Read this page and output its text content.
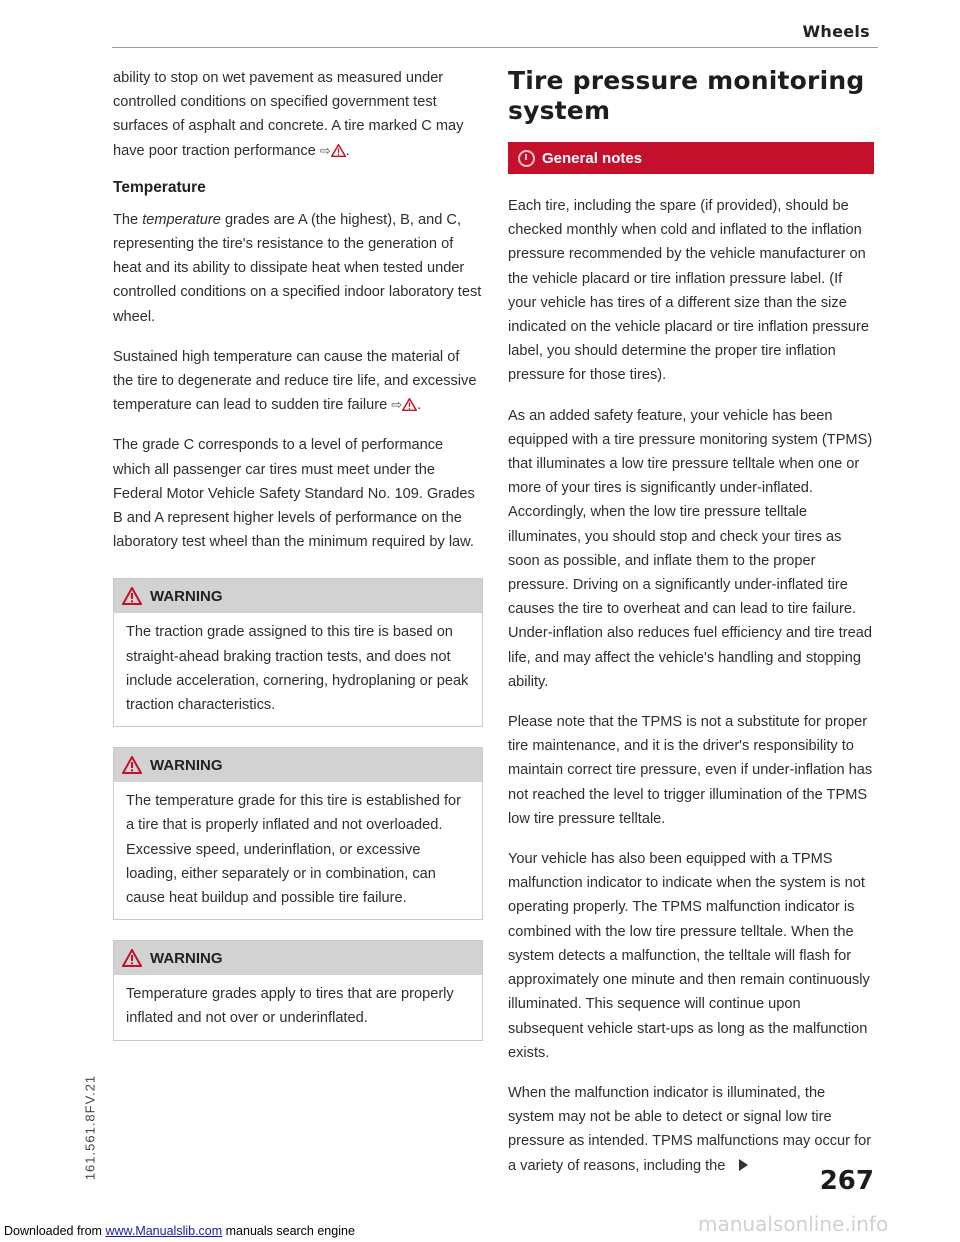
Wheels

ability to stop on wet pavement as measured under controlled conditions on specified government test surfaces of asphalt and concrete. A tire marked C may have poor traction performance ⇨ .

Temperature

The temperature grades are A (the highest), B, and C, representing the tire's resistance to the generation of heat and its ability to dissipate heat when tested under controlled conditions on a specified indoor laboratory test wheel.

Sustained high temperature can cause the material of the tire to degenerate and reduce tire life, and excessive temperature can lead to sudden tire failure ⇨ .

The grade C corresponds to a level of performance which all passenger car tires must meet under the Federal Motor Vehicle Safety Standard No. 109. Grades B and A represent higher levels of performance on the laboratory test wheel than the minimum required by law.

WARNING

The traction grade assigned to this tire is based on straight-ahead braking traction tests, and does not include acceleration, cornering, hydroplaning or peak traction characteristics.

WARNING

The temperature grade for this tire is established for a tire that is properly inflated and not overloaded. Excessive speed, underinflation, or excessive loading, either separately or in combination, can cause heat buildup and possible tire failure.

WARNING

Temperature grades apply to tires that are properly inflated and not over or underinflated.

Tire pressure monitoring system
General notes

Each tire, including the spare (if provided), should be checked monthly when cold and inflated to the inflation pressure recommended by the vehicle manufacturer on the vehicle placard or tire inflation pressure label. (If your vehicle has tires of a different size than the size indicated on the vehicle placard or tire inflation pressure label, you should determine the proper tire inflation pressure for those tires).

As an added safety feature, your vehicle has been equipped with a tire pressure monitoring system (TPMS) that illuminates a low tire pressure telltale when one or more of your tires is significantly under-inflated. Accordingly, when the low tire pressure telltale illuminates, you should stop and check your tires as soon as possible, and inflate them to the proper pressure. Driving on a significantly under-inflated tire causes the tire to overheat and can lead to tire failure. Under-inflation also reduces fuel efficiency and tire tread life, and may affect the vehicle's handling and stopping ability.

Please note that the TPMS is not a substitute for proper tire maintenance, and it is the driver's responsibility to maintain correct tire pressure, even if under-inflation has not reached the level to trigger illumination of the TPMS low tire pressure telltale.

Your vehicle has also been equipped with a TPMS malfunction indicator to indicate when the system is not operating properly. The TPMS malfunction indicator is combined with the low tire pressure telltale. When the system detects a malfunction, the telltale will flash for approximately one minute and then remain continuously illuminated. This sequence will continue upon subsequent vehicle start-ups as long as the malfunction exists.

When the malfunction indicator is illuminated, the system may not be able to detect or signal low tire pressure as intended. TPMS malfunctions may occur for a variety of reasons, including the

161.561.8FV.21
267
manualsonline.info
Downloaded from www.Manualslib.com manuals search engine
